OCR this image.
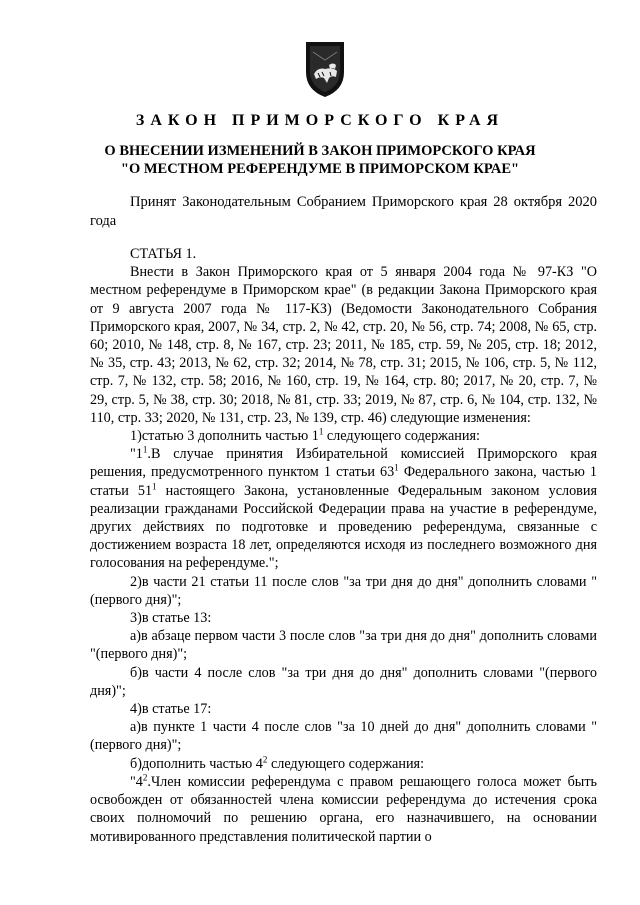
ЗАКОН ПРИМОРСКОГО КРАЯ
О ВНЕСЕНИИ ИЗМЕНЕНИЙ В ЗАКОН ПРИМОРСКОГО КРАЯ
"О МЕСТНОМ РЕФЕРЕНДУМЕ В ПРИМОРСКОМ КРАЕ"
Принят Законодательным Собранием Приморского края 28 октября 2020 года

СТАТЬЯ 1.

Внести в Закон Приморского края от 5 января 2004 года № 97-КЗ "О местном референдуме в Приморском крае" (в редакции Закона Приморского края от 9 августа 2007 года № 117-КЗ) (Ведомости Законодательного Собрания Приморского края, 2007, № 34, стр. 2, № 42, стр. 20, № 56, стр. 74; 2008, № 65, стр. 60; 2010, № 148, стр. 8, № 167, стр. 23; 2011, № 185, стр. 59, № 205, стр. 18; 2012, № 35, стр. 43; 2013, № 62, стр. 32; 2014, № 78, стр. 31; 2015, № 106, стр. 5, № 112, стр. 7, № 132, стр. 58; 2016, № 160, стр. 19, № 164, стр. 80; 2017, № 20, стр. 7, № 29, стр. 5, № 38, стр. 30; 2018, № 81, стр. 33; 2019, № 87, стр. 6, № 104, стр. 132, № 110, стр. 33; 2020, № 131, стр. 23, № 139, стр. 46) следующие изменения:

1)статью 3 дополнить частью $1^1$ следующего содержания:

"$1^1.В$ случае принятия Избирательной комиссией Приморского края решения, предусмотренного пунктом 1 статьи $63^1$ Федерального закона, частью 1 статьи $51^1$ настоящего Закона, установленные Федеральным законом условия реализации гражданами Российской Федерации права на участие в референдуме, других действиях по подготовке и проведению референдума, связанные с достижением возраста 18 лет, определяются исходя из последнего возможного дня голосования на референдуме.";

2)в части 21 статьи 11 после слов "за три дня до дня" дополнить словами "(первого дня)";

3)в статье 13:

а)в абзаце первом части 3 после слов "за три дня до дня" дополнить словами "(первого дня)";

б)в части 4 после слов "за три дня до дня" дополнить словами "(первого дня)";

4)в статье 17:

а)в пункте 1 части 4 после слов "за 10 дней до дня" дополнить словами "(первого дня)";

б)дополнить частью $4^2$ следующего содержания:

"$4^2.Член$ комиссии референдума с правом решающего голоса может быть освобожден от обязанностей члена комиссии референдума до истечения срока своих полномочий по решению органа, его назначившего, на основании мотивированного представления политической партии о
